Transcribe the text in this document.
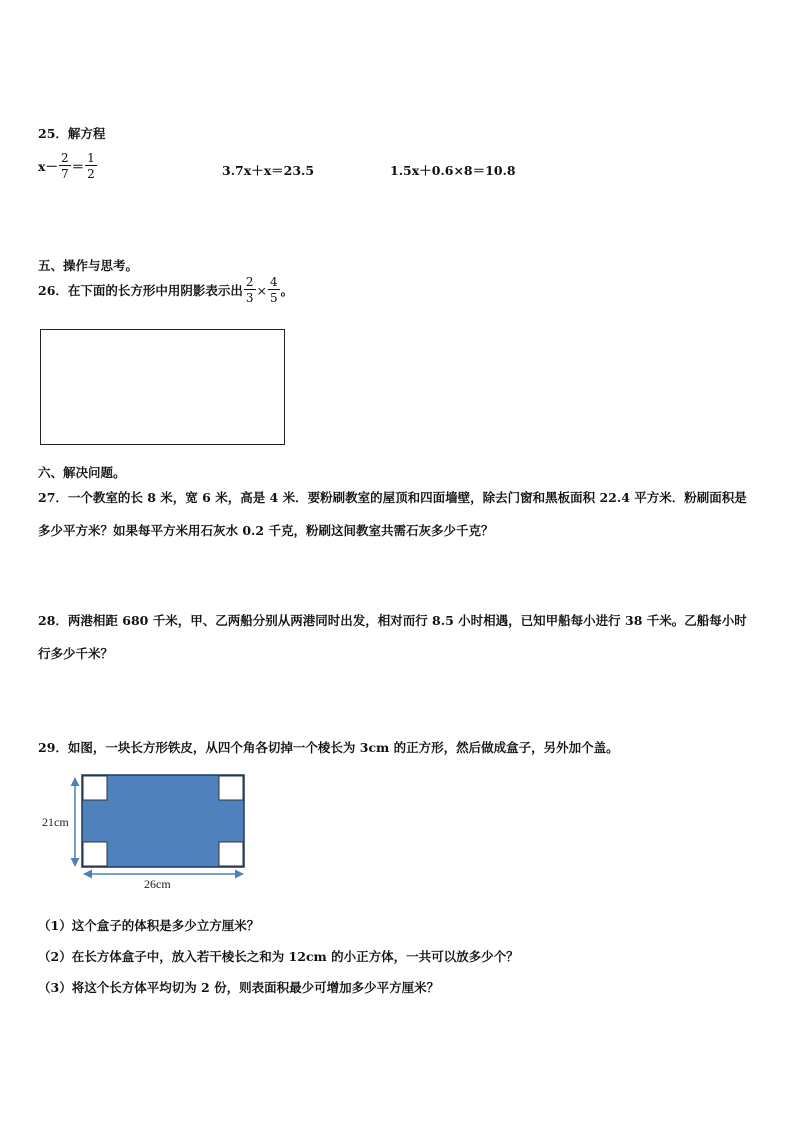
25．解方程
$x- \frac{2}{7} = \frac{1}{2}$	3.7x＋x＝23.5	1.5x＋0.6×8＝10.8
五、操作与思考。
26．在下面的长方形中用阴影表示出 $\frac{2}{3} \times \frac{4}{5}$ 。
六、解决问题。
27．一个教室的长 8 米，宽 6 米，高是 4 米．要粉刷教室的屋顶和四面墙壁，除去门窗和黑板面积 22.4 平方米．粉刷面积是多少平方米？如果每平方米用石灰水 0.2 千克，粉刷这间教室共需石灰多少千克？
28．两港相距 680 千米，甲、乙两船分别从两港同时出发，相对而行 8.5 小时相遇，已知甲船每小进行 38 千米。乙船每小时行多少千米？
29．如图，一块长方形铁皮，从四个角各切掉一个棱长为 3cm 的正方形，然后做成盒子，另外加个盖。
21cm
26cm
（1）这个盒子的体积是多少立方厘米？
（2）在长方体盒子中，放入若干棱长之和为 12cm 的小正方体，一共可以放多少个？
（3）将这个长方体平均切为 2 份，则表面积最少可增加多少平方厘米？
